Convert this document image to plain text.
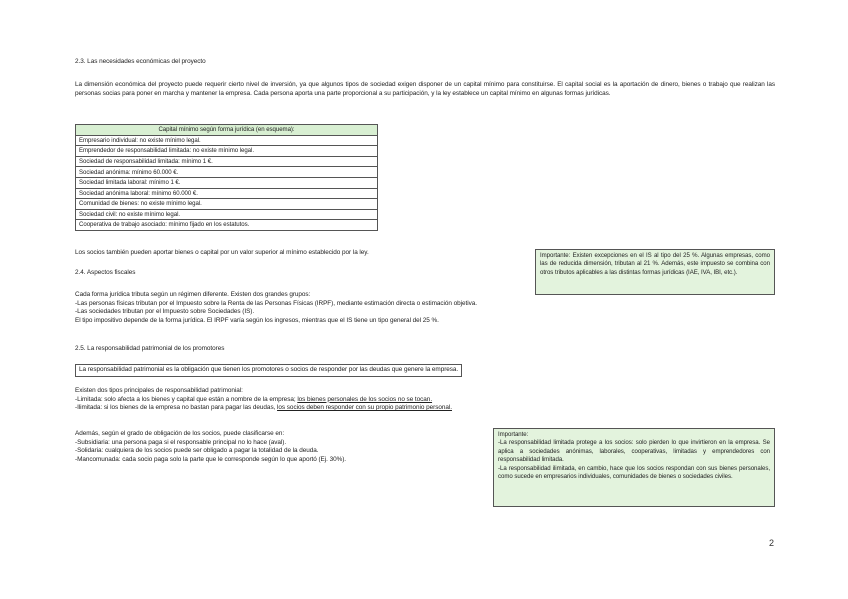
2.3. Las necesidades económicas del proyecto
La dimensión económica del proyecto puede requerir cierto nivel de inversión, ya que algunos tipos de sociedad exigen disponer de un capital mínimo para constituirse. El capital social es la aportación de dinero, bienes o trabajo que realizan las personas socias para poner en marcha y mantener la empresa. Cada persona aporta una parte proporcional a su participación, y la ley establece un capital mínimo en algunas formas jurídicas.
Capital mínimo según forma jurídica (en esquema):
Empresario individual: no existe mínimo legal.
Emprendedor de responsabilidad limitada: no existe mínimo legal.
Sociedad de responsabilidad limitada: mínimo 1 €.
Sociedad anónima: mínimo 60.000 €.
Sociedad limitada laboral: mínimo 1 €.
Sociedad anónima laboral: mínimo 60.000 €.
Comunidad de bienes: no existe mínimo legal.
Sociedad civil: no existe mínimo legal.
Cooperativa de trabajo asociado: mínimo fijado en los estatutos.
Los socios también pueden aportar bienes o capital por un valor superior al mínimo establecido por la ley.	Importante: Existen excepciones en el IS al tipo del 25 %. Algunas empresas, como las de reducida dimensión, tributan al 21 %. Además, este impuesto se combina con otros tributos aplicables a las distintas formas jurídicas (IAE, IVA, IBI, etc.).
2.4. Aspectos fiscales
Cada forma jurídica tributa según un régimen diferente. Existen dos grandes grupos:
-Las personas físicas tributan por el Impuesto sobre la Renta de las Personas Físicas (IRPF), mediante estimación directa o estimación objetiva.
-Las sociedades tributan por el Impuesto sobre Sociedades (IS).
El tipo impositivo depende de la forma jurídica. El IRPF varía según los ingresos, mientras que el IS tiene un tipo general del 25 %.
2.5. La responsabilidad patrimonial de los promotores
La responsabilidad patrimonial es la obligación que tienen los promotores o socios de responder por las deudas que genere la empresa.
Existen dos tipos principales de responsabilidad patrimonial:
-Limitada: solo afecta a los bienes y capital que están a nombre de la empresa; los bienes personales de los socios no se tocan.
-Ilimitada: si los bienes de la empresa no bastan para pagar las deudas, los socios deben responder con su propio patrimonio personal.
Además, según el grado de obligación de los socios, puede clasificarse en:
-Subsidiaria: una persona paga si el responsable principal no lo hace (aval).
-Solidaria: cualquiera de los socios puede ser obligado a pagar la totalidad de la deuda.
-Mancomunada: cada socio paga solo la parte que le corresponde según lo que aportó (Ej. 30%).
Importante:
-La responsabilidad limitada protege a los socios: solo pierden lo que invirtieron en la empresa. Se aplica a sociedades anónimas, laborales, cooperativas, limitadas y emprendedores con responsabilidad limitada.
-La responsabilidad ilimitada, en cambio, hace que los socios respondan con sus bienes personales, como sucede en empresarios individuales, comunidades de bienes o sociedades civiles.
2
